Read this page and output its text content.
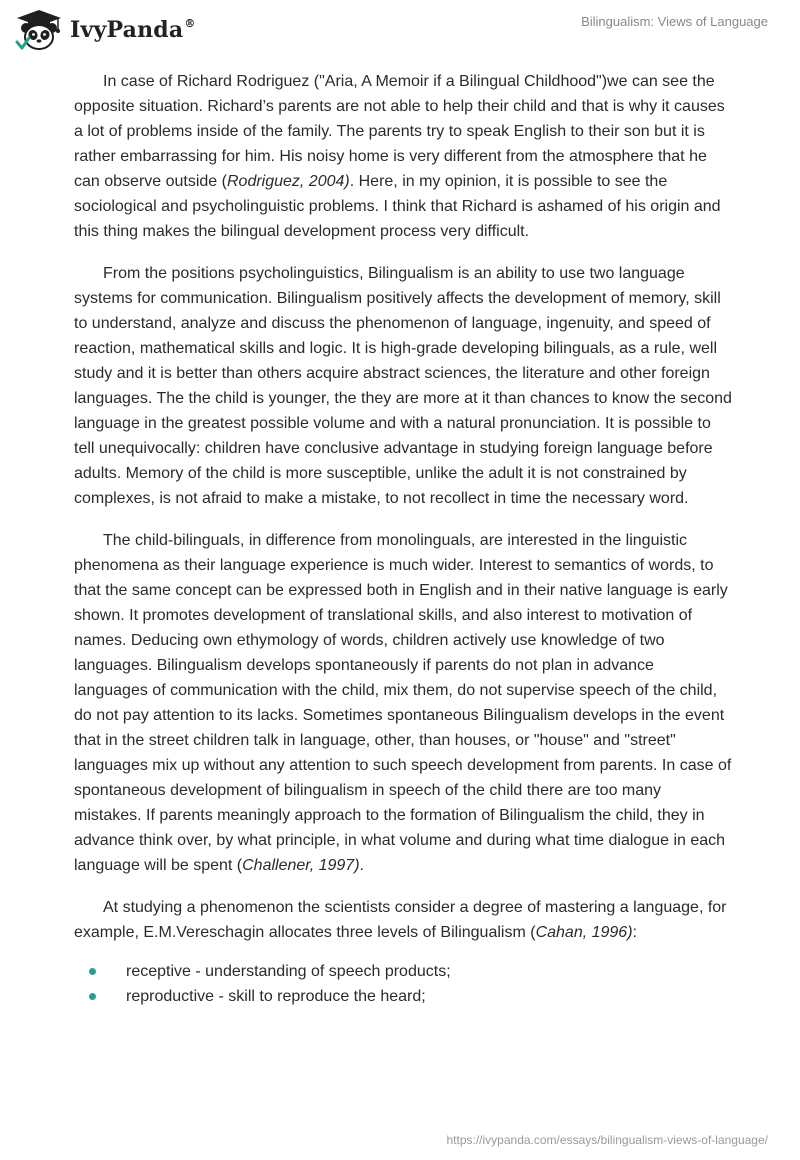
IvyPanda®	Bilingualism: Views of Language

In case of Richard Rodriguez ("Aria, A Memoir if a Bilingual Childhood")we can see the opposite situation. Richard’s parents are not able to help their child and that is why it causes a lot of problems inside of the family. The parents try to speak English to their son but it is rather embarrassing for him. His noisy home is very different from the atmosphere that he can observe outside (Rodriguez, 2004). Here, in my opinion, it is possible to see the sociological and psycholinguistic problems. I think that Richard is ashamed of his origin and this thing makes the bilingual development process very difficult.

From the positions psycholinguistics, Bilingualism is an ability to use two language systems for communication. Bilingualism positively affects the development of memory, skill to understand, analyze and discuss the phenomenon of language, ingenuity, and speed of reaction, mathematical skills and logic. It is high-grade developing bilinguals, as a rule, well study and it is better than others acquire abstract sciences, the literature and other foreign languages. The the child is younger, the they are more at it than chances to know the second language in the greatest possible volume and with a natural pronunciation. It is possible to tell unequivocally: children have conclusive advantage in studying foreign language before adults. Memory of the child is more susceptible, unlike the adult it is not constrained by complexes, is not afraid to make a mistake, to not recollect in time the necessary word.

The child-bilinguals, in difference from monolinguals, are interested in the linguistic phenomena as their language experience is much wider. Interest to semantics of words, to that the same concept can be expressed both in English and in their native language is early shown. It promotes development of translational skills, and also interest to motivation of names. Deducing own ethymology of words, children actively use knowledge of two languages. Bilingualism develops spontaneously if parents do not plan in advance languages of communication with the child, mix them, do not supervise speech of the child, do not pay attention to its lacks. Sometimes spontaneous Bilingualism develops in the event that in the street children talk in language, other, than houses, or "house" and "street" languages mix up without any attention to such speech development from parents. In case of spontaneous development of bilingualism in speech of the child there are too many mistakes. If parents meaningly approach to the formation of Bilingualism the child, they in advance think over, by what principle, in what volume and during what time dialogue in each language will be spent (Challener, 1997).

At studying a phenomenon the scientists consider a degree of mastering a language, for example, E.M.Vereschagin allocates three levels of Bilingualism (Cahan, 1996):

receptive - understanding of speech products;
reproductive - skill to reproduce the heard;
https://ivypanda.com/essays/bilingualism-views-of-language/
